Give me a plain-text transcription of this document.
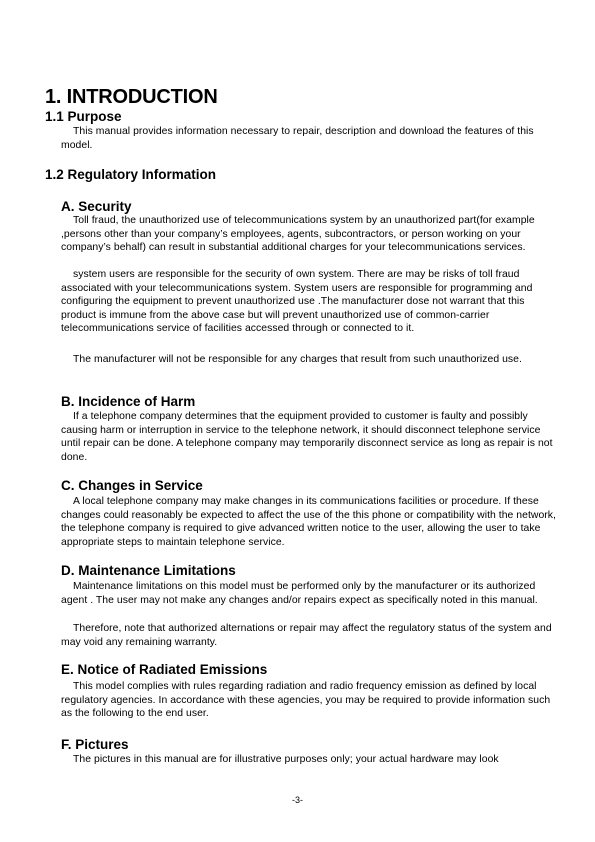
1. INTRODUCTION
1.1 Purpose

This manual provides information necessary to repair, description and download the features of this model.

1.2 Regulatory Information
A. Security

Toll fraud, the unauthorized use of telecommunications system by an unauthorized part(for example ,persons other than your company’s employees, agents, subcontractors, or person working on your company’s behalf) can result in substantial additional charges for your telecommunications services.

system users are responsible for the security of own system. There are may be risks of toll fraud associated with your telecommunications system. System users are responsible for programming and configuring the equipment to prevent unauthorized use .The manufacturer dose not warrant that this product is immune from the above case but will prevent unauthorized use of common-carrier telecommunications service of facilities accessed through or connected to it.

The manufacturer will not be responsible for any charges that result from such unauthorized use.

B. Incidence of Harm

If a telephone company determines that the equipment provided to customer is faulty and possibly causing harm or interruption in service to the telephone network, it should disconnect telephone service until repair can be done. A telephone company may temporarily disconnect service as long as repair is not done.

C. Changes in Service

A local telephone company may make changes in its communications facilities or procedure. If these changes could reasonably be expected to affect the use of the this phone or compatibility with the network, the telephone company is required to give advanced written notice to the user, allowing the user to take appropriate steps to maintain telephone service.

D. Maintenance Limitations

Maintenance limitations on this model must be performed only by the manufacturer or its authorized agent . The user may not make any changes and/or repairs expect as specifically noted in this manual.

Therefore, note that authorized alternations or repair may affect the regulatory status of the system and may void any remaining warranty.

E. Notice of Radiated Emissions

This model complies with rules regarding radiation and radio frequency emission as defined by local regulatory agencies. In accordance with these agencies, you may be required to provide information such as the following to the end user.

F. Pictures

The pictures in this manual are for illustrative purposes only; your actual hardware may look

-3-
